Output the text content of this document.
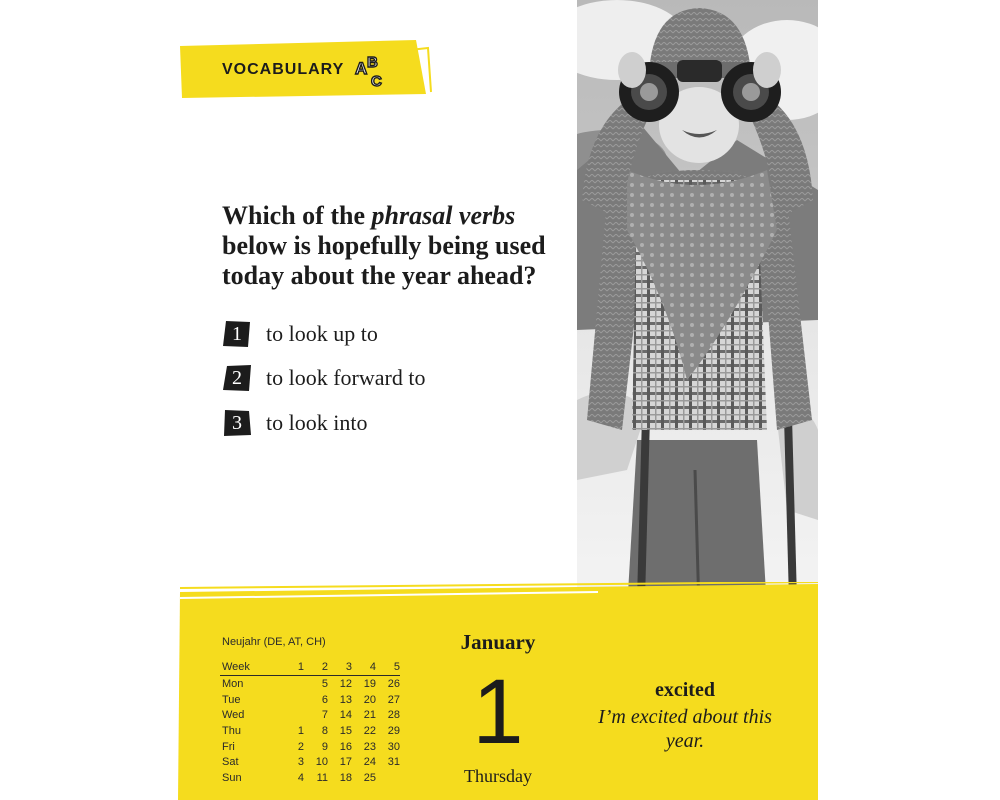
VOCABULARY A B
C
Which of the phrasal verbs below is hopefully being used today about the year ahead?
1	to look up to
2	to look forward to
3	to look into
Neujahr (DE, AT, CH)
Week	1	2	3	4	5
Mon		5	12	19	26
Tue		6	13	20	27
Wed		7	14	21	28
Thu	1	8	15	22	29
Fri	2	9	16	23	30
Sat	3	10	17	24	31
Sun	4	11	18	25	
January
1
Thursday
excited
I’m excited about this year.
